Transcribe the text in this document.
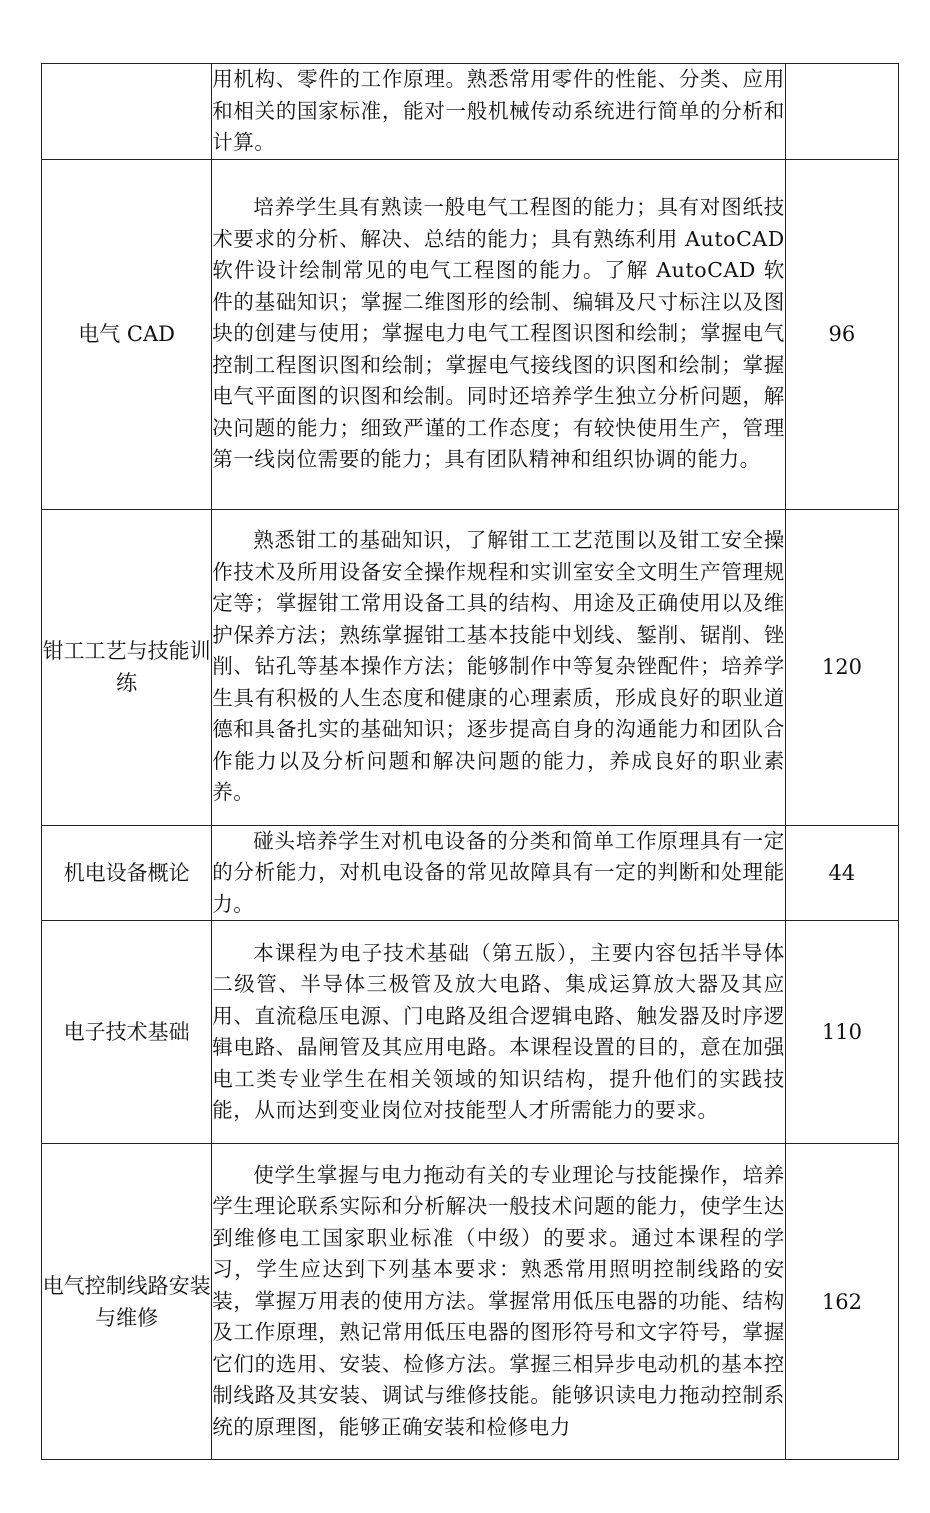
	用机构、零件的工作原理。熟悉常用零件的性能、分类、应用和相关的国家标准，能对一般机械传动系统进行简单的分析和计算。	

电气 CAD	培养学生具有熟读一般电气工程图的能力；具有对图纸技术要求的分析、解决、总结的能力；具有熟练利用 AutoCAD 软件设计绘制常见的电气工程图的能力。了解 AutoCAD 软件的基础知识；掌握二维图形的绘制、编辑及尺寸标注以及图块的创建与使用；掌握电力电气工程图识图和绘制；掌握电气控制工程图识图和绘制；掌握电气接线图的识图和绘制；掌握电气平面图的识图和绘制。同时还培养学生独立分析问题，解决问题的能力；细致严谨的工作态度；有较快使用生产，管理第一线岗位需要的能力；具有团队精神和组织协调的能力。	96
钳工工艺与技能训练	熟悉钳工的基础知识，了解钳工工艺范围以及钳工安全操作技术及所用设备安全操作规程和实训室安全文明生产管理规定等；掌握钳工常用设备工具的结构、用途及正确使用以及维护保养方法；熟练掌握钳工基本技能中划线、錾削、锯削、锉削、钻孔等基本操作方法；能够制作中等复杂锉配件；培养学生具有积极的人生态度和健康的心理素质，形成良好的职业道德和具备扎实的基础知识；逐步提高自身的沟通能力和团队合作能力以及分析问题和解决问题的能力，养成良好的职业素养。	120
机电设备概论	碰头培养学生对机电设备的分类和简单工作原理具有一定的分析能力，对机电设备的常见故障具有一定的判断和处理能力。	44
电子技术基础	本课程为电子技术基础（第五版），主要内容包括半导体二级管、半导体三极管及放大电路、集成运算放大器及其应用、直流稳压电源、门电路及组合逻辑电路、触发器及时序逻辑电路、晶闸管及其应用电路。本课程设置的目的，意在加强电工类专业学生在相关领域的知识结构，提升他们的实践技能，从而达到变业岗位对技能型人才所需能力的要求。	110
电气控制线路安装与维修	使学生掌握与电力拖动有关的专业理论与技能操作，培养学生理论联系实际和分析解决一般技术问题的能力，使学生达到维修电工国家职业标准（中级）的要求。通过本课程的学习，学生应达到下列基本要求：熟悉常用照明控制线路的安装，掌握万用表的使用方法。掌握常用低压电器的功能、结构及工作原理，熟记常用低压电器的图形符号和文字符号，掌握它们的选用、安装、检修方法。掌握三相异步电动机的基本控制线路及其安装、调试与维修技能。能够识读电力拖动控制系统的原理图，能够正确安装和检修电力	162
